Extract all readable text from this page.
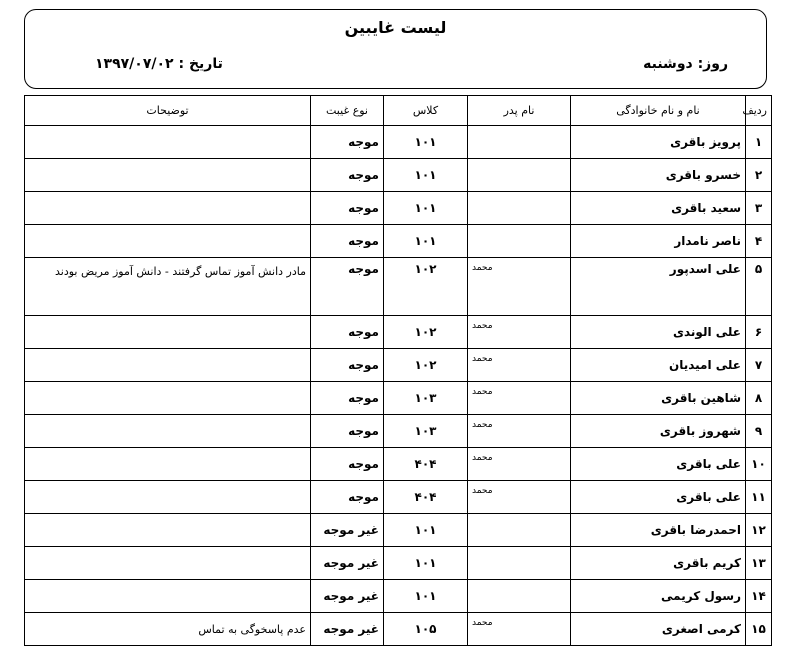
لیست غایبین
روز: دوشنبه
تاریخ : ۱۳۹۷/۰۷/۰۲
ردیف	نام و نام خانوادگی	نام پدر	کلاس	نوع غیبت	توضیحات
۱	پرویز باقری		۱۰۱	موجه	
۲	خسرو باقری		۱۰۱	موجه	
۳	سعید باقری		۱۰۱	موجه	
۴	ناصر نامدار		۱۰۱	موجه	
۵	علی اسدپور	محمد	۱۰۲	موجه	مادر دانش آموز تماس گرفتند - دانش آموز مریض بودند
۶	علی الوندی	محمد	۱۰۲	موجه	
۷	علی امیدیان	محمد	۱۰۲	موجه	
۸	شاهین باقری	محمد	۱۰۳	موجه	
۹	شهروز باقری	محمد	۱۰۳	موجه	
۱۰	علی باقری	محمد	۴۰۴	موجه	
۱۱	علی باقری	محمد	۴۰۴	موجه	
۱۲	احمدرضا باقری		۱۰۱	غیر موجه	
۱۳	کریم باقری		۱۰۱	غیر موجه	
۱۴	رسول کریمی		۱۰۱	غیر موجه	
۱۵	کرمی اصغری	محمد	۱۰۵	غیر موجه	عدم پاسخوگی به تماس
